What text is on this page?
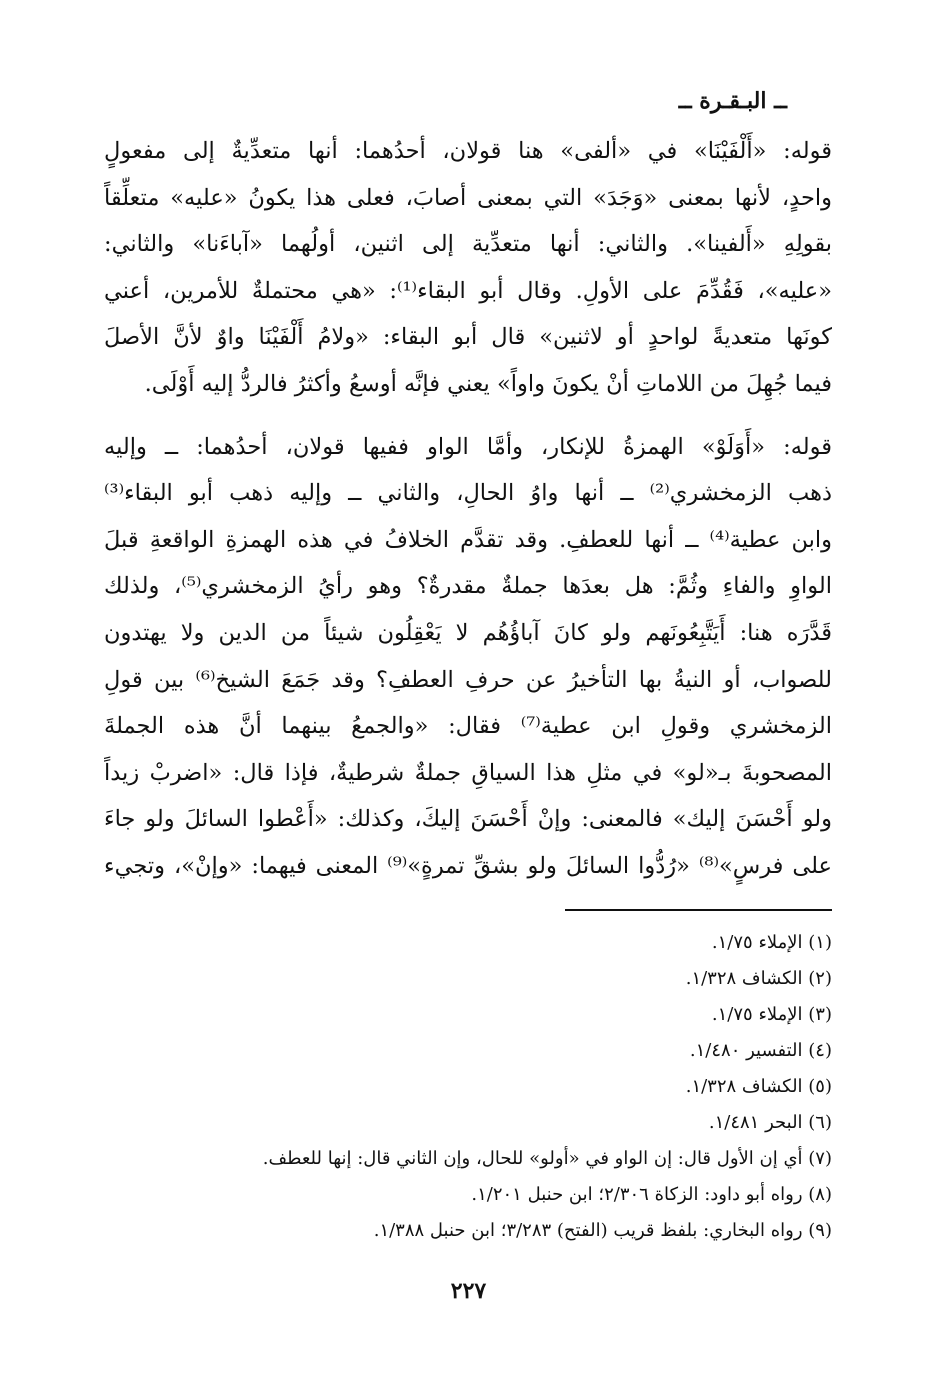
ــ البـقـرة ــ
قوله: «أَلْفَيْنَا» في «ألفى» هنا قولان، أحدُهما: أنها متعدِّيةٌ إلى مفعولٍ
واحدٍ، لأنها بمعنى «وَجَدَ» التي بمعنى أصابَ، فعلى هذا يكونُ «عليه» متعلِّقاً
بقولِهِ «أَلفينا». والثاني: أنها متعدِّية إلى اثنين، أولُهما «آباءَنا» والثاني:
«عليه»، فَقُدِّمَ على الأولِ. وقال أبو البقاء⁽¹⁾: «هي محتملةٌ للأمرين، أعني
كونَها متعديةً لواحدٍ أو لاثنين» قال أبو البقاء: «ولامُ أَلْفَيْنَا واوٌ لأنَّ الأصلَ
فيما جُهِلَ من اللاماتِ أنْ يكونَ واواً» يعني فإنَّه أوسعُ وأكثرُ فالردُّ إليه أَوْلَى.
قوله: «أَوَلَوْ» الهمزةُ للإنكار، وأمَّا الواو ففيها قولان، أحدُهما: ــ وإليه
ذهب الزمخشري⁽²⁾ ــ أنها واوُ الحالِ، والثاني ــ وإليه ذهب أبو البقاء⁽³⁾
وابن عطية⁽⁴⁾ ــ أنها للعطفِ. وقد تقدَّم الخلافُ في هذه الهمزةِ الواقعةِ قبلَ
الواوِ والفاءِ وثُمَّ: هل بعدَها جملةٌ مقدرةٌ؟ وهو رأيُ الزمخشري⁽⁵⁾، ولذلك
قَدَّرَه هنا: أَيَتَّبِعُونَهم ولو كانَ آباؤُهُم لا يَعْقِلُون شيئاً من الدين ولا يهتدون
للصواب، أو النيةُ بها التأخيرُ عن حرفِ العطفِ؟ وقد جَمَعَ الشيخ⁽⁶⁾ بين قولِ
الزمخشري وقولِ ابن عطية⁽⁷⁾ فقال: «والجمعُ بينهما أنَّ هذه الجملةَ
المصحوبةَ بـ«لو» في مثلِ هذا السياقِ جملةٌ شرطيةٌ، فإذا قال: «اضربْ زيداً
ولو أَحْسَنَ إليك» فالمعنى: وإنْ أَحْسَنَ إليكَ، وكذلك: «أَعْطوا السائلَ ولو جاءَ
على فرسٍ»⁽⁸⁾ «رُدُّوا السائلَ ولو بشقِّ تمرةٍ»⁽⁹⁾ المعنى فيهما: «وإنْ»، وتجيء
(١) الإملاء ١/٧٥.
(٢) الكشاف ١/٣٢٨.
(٣) الإملاء ١/٧٥.
(٤) التفسير ١/٤٨٠.
(٥) الكشاف ١/٣٢٨.
(٦) البحر ١/٤٨١.
(٧) أي إن الأول قال: إن الواو في «أولو» للحال، وإن الثاني قال: إنها للعطف.
(٨) رواه أبو داود: الزكاة ٢/٣٠٦؛ ابن حنبل ١/٢٠١.
(٩) رواه البخاري: بلفظ قريب (الفتح) ٣/٢٨٣؛ ابن حنبل ١/٣٨٨.
٢٢٧
